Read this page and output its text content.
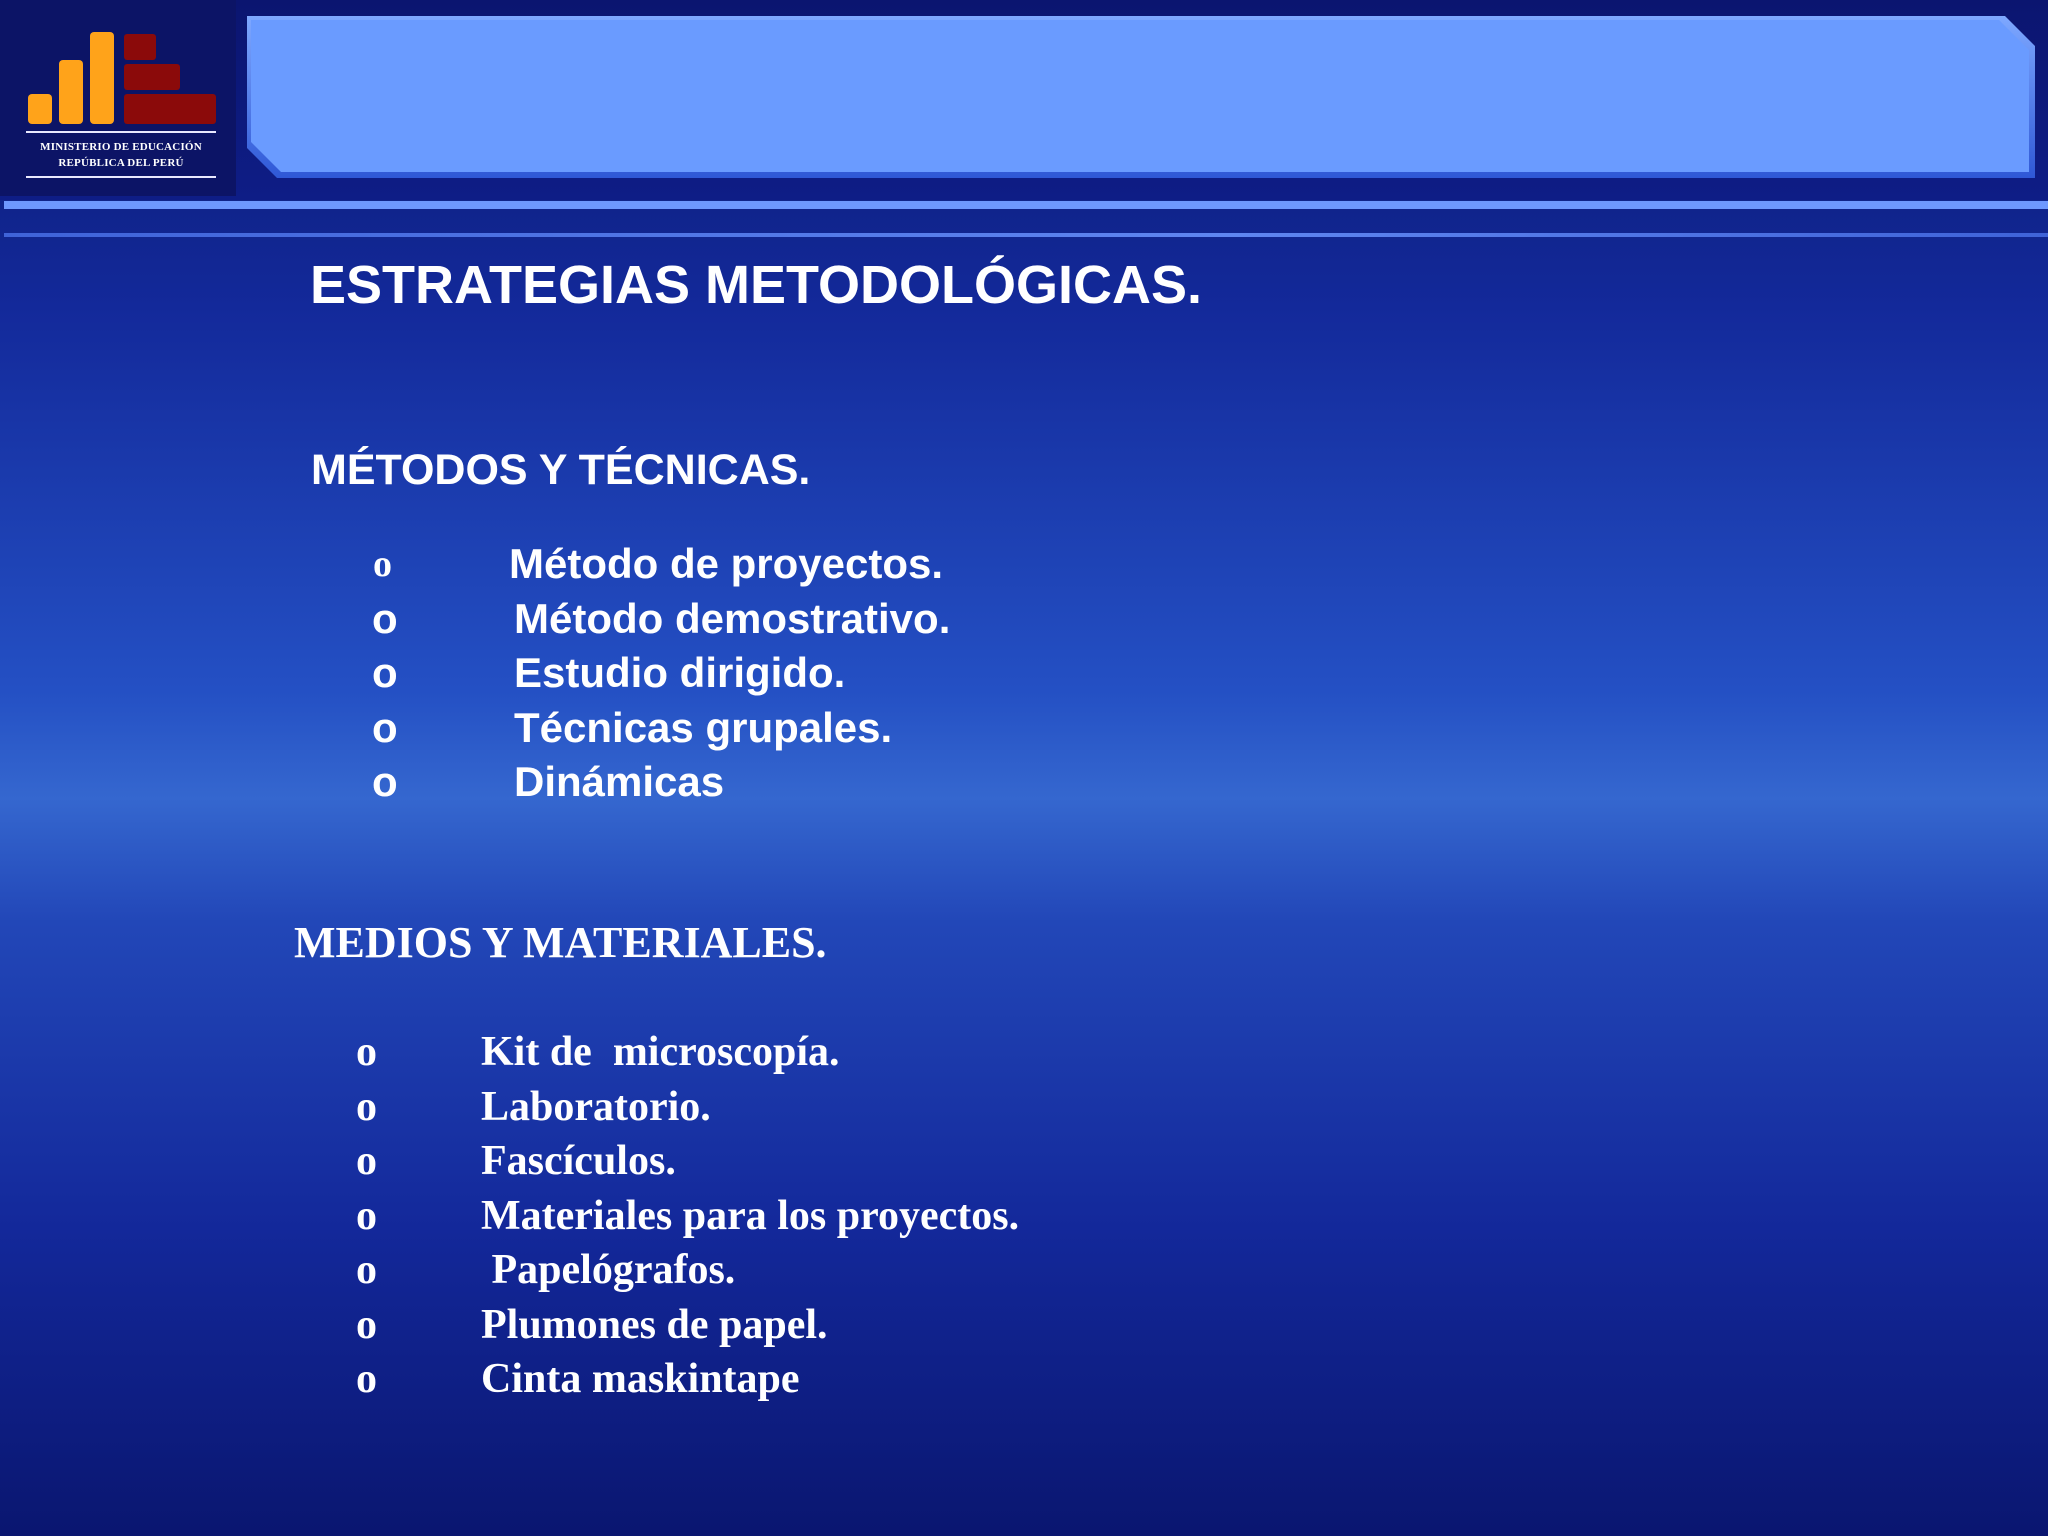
MINISTERIO DE EDUCACIÓN
REPÚBLICA DEL PERÚ
ESTRATEGIAS METODOLÓGICAS.
MÉTODOS Y TÉCNICAS.
o	Método de proyectos.
o	Método demostrativo.
o	Estudio dirigido.
o	Técnicas grupales.
o	Dinámicas
MEDIOS Y MATERIALES.
o Kit de  microscopía.
o Laboratorio.
o Fascículos.
o Materiales para los proyectos.
o Papelógrafos.
o Plumones de papel.
o Cinta maskintape
